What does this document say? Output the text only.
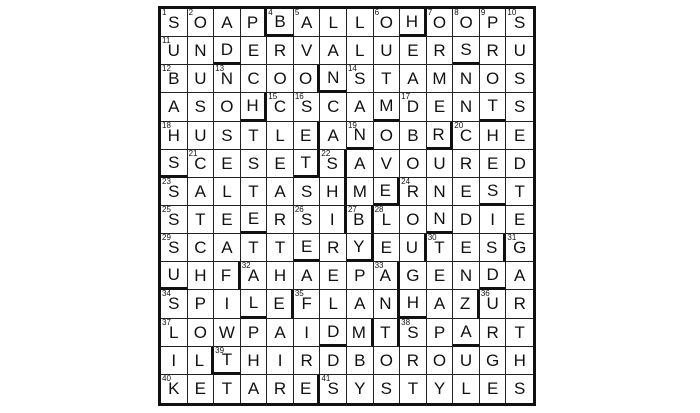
1
S
2
O A P
4 B 5
A L L
6
O H 7
O
8
O
9
P
10
S
11
U N D E R V A L U E R S R U
12
B U
13
N C O O N 14
S T A M N O S
A S O H 15
C
16
S C A M 17
D E N T S
18
H U S T L E A
19
N O B R 20
C H E
S 21
C E S E T 22
S A V O U R E D
23
S A L T A S H M E 24
R N E S T
25
S T E E R
26
S I
27
B
28
L O N D I E
29
S C A T T E R Y E U
30
T E S
31
G
U H F
32
A H A E P
33
A G E N D A
34
S P I L E
35
F L A N H A Z
36
U R
37
L O W P A I D M T
38
S P A R T
I L
39
T H I R D B O R O U G H
40
K E T A R E
41
S Y S T Y L E S
